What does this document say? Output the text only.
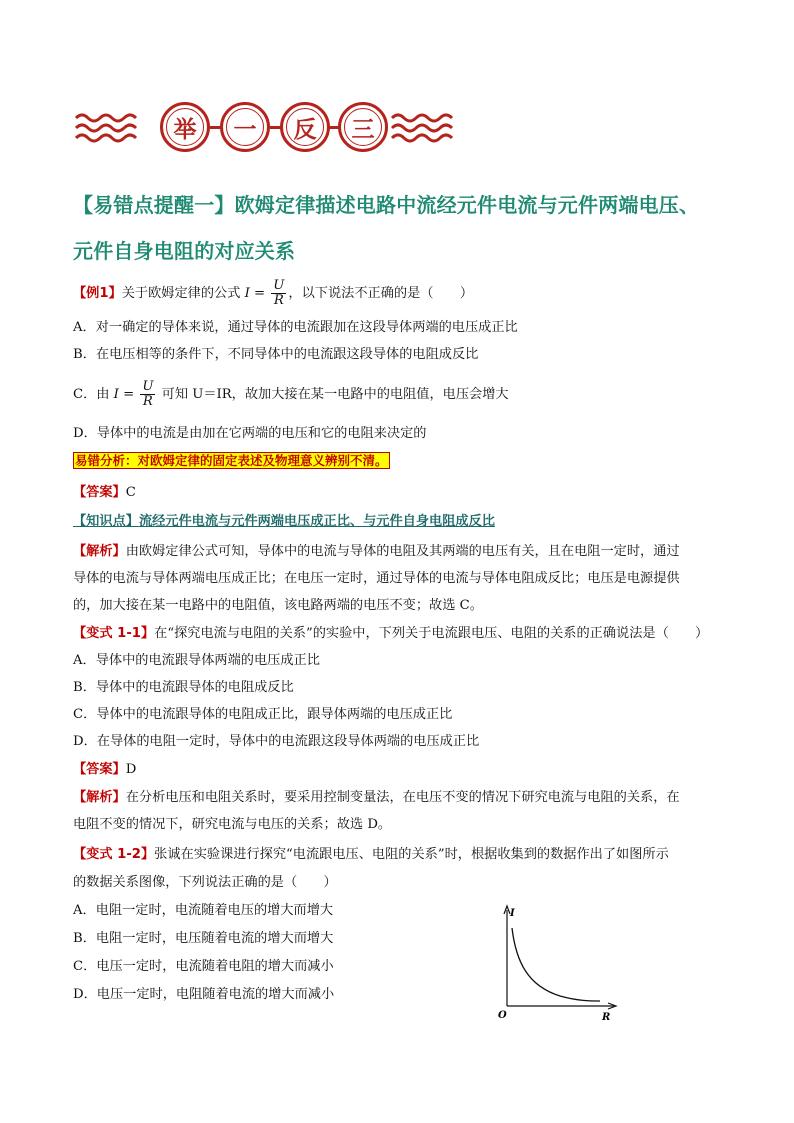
举 一 反 三
【易错点提醒一】欧姆定律描述电路中流经元件电流与元件两端电压、
元件自身电阻的对应关系
【例1】关于欧姆定律的公式 $I = \frac{U}{R}$ ，以下说法不正确的是（　　）
A．对一确定的导体来说，通过导体的电流跟加在这段导体两端的电压成正比
B．在电压相等的条件下，不同导体中的电流跟这段导体的电阻成反比
C．由 $I = \frac{U}{R}$ 可知 U＝IR，故加大接在某一电路中的电阻值，电压会增大
D．导体中的电流是由加在它两端的电压和它的电阻来决定的
易错分析：对欧姆定律的固定表述及物理意义辨别不清。
【答案】C
【知识点】流经元件电流与元件两端电压成正比、与元件自身电阻成反比
【解析】由欧姆定律公式可知，导体中的电流与导体的电阻及其两端的电压有关，且在电阻一定时，通过
导体的电流与导体两端电压成正比；在电压一定时，通过导体的电流与导体电阻成反比；电压是电源提供
的，加大接在某一电路中的电阻值，该电路两端的电压不变；故选 C。
【变式 1-1】在“探究电流与电阻的关系”的实验中，下列关于电流跟电压、电阻的关系的正确说法是（　　）
A．导体中的电流跟导体两端的电压成正比
B．导体中的电流跟导体的电阻成反比
C．导体中的电流跟导体的电阻成正比，跟导体两端的电压成正比
D．在导体的电阻一定时，导体中的电流跟这段导体两端的电压成正比
【答案】D
【解析】在分析电压和电阻关系时，要采用控制变量法，在电压不变的情况下研究电流与电阻的关系，在
电阻不变的情况下，研究电流与电压的关系；故选 D。
【变式 1-2】张诚在实验课进行探究“电流跟电压、电阻的关系”时，根据收集到的数据作出了如图所示
的数据关系图像，下列说法正确的是（　　）
A．电阻一定时，电流随着电压的增大而增大
B．电阻一定时，电压随着电流的增大而增大
C．电压一定时，电流随着电阻的增大而减小
D．电压一定时，电阻随着电流的增大而减小
I
R
O
